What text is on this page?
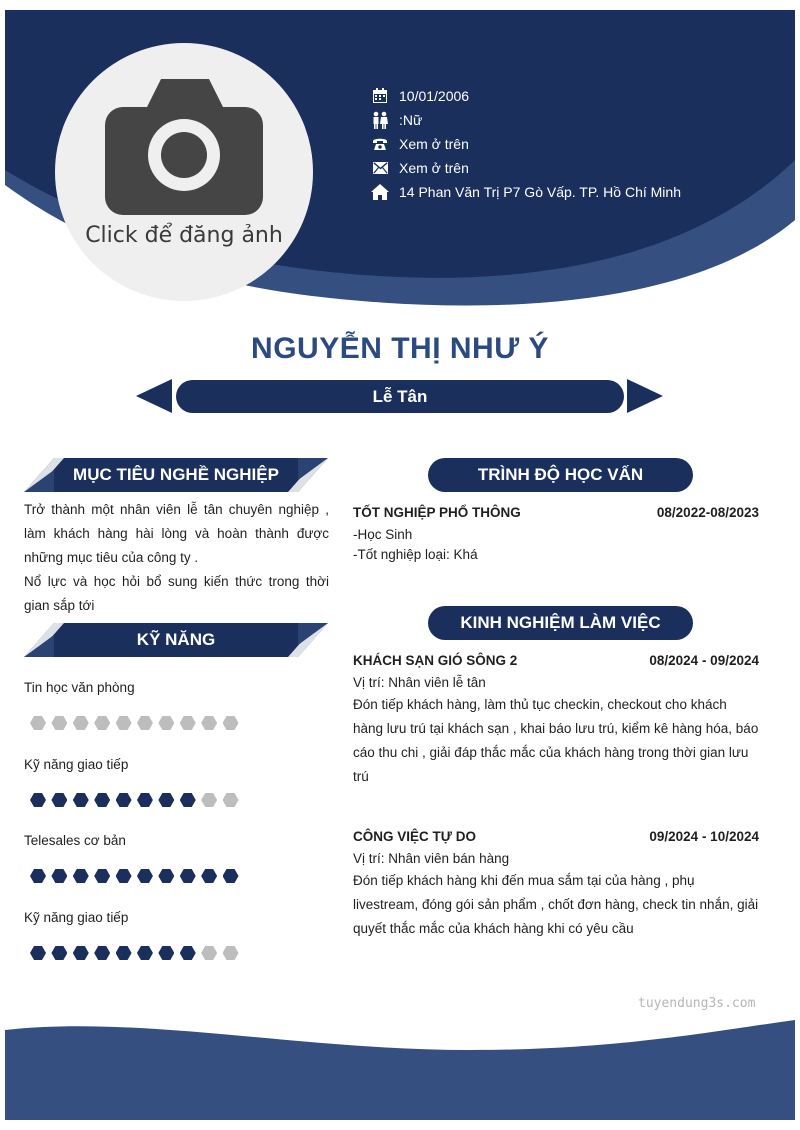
Click để đăng ảnh
10/01/2006
:Nữ
Xem ở trên
Xem ở trên
14 Phan Văn Trị P7 Gò Vấp. TP. Hồ Chí Minh
NGUYỄN THỊ NHƯ Ý
Lễ Tân
MỤC TIÊU NGHỀ NGHIỆP

Trở thành một nhân viên lễ tân chuyên nghiệp , làm khách hàng hài lòng và hoàn thành được những mục tiêu của công ty .

Nổ lực và học hỏi bổ sung kiến thức trong thời gian sắp tới

KỸ NĂNG
Tin học văn phòng
Kỹ năng giao tiếp
Telesales cơ bản
Kỹ năng giao tiếp
TRÌNH ĐỘ HỌC VẤN
TỐT NGHIỆP PHỔ THÔNG	08/2022-08/2023
-Học Sinh
-Tốt nghiệp loại: Khá
KINH NGHIỆM LÀM VIỆC
KHÁCH SẠN GIÓ SÔNG 2	08/2024 - 09/2024
Vị trí: Nhân viên lễ tân
Đón tiếp khách hàng, làm thủ tục checkin, checkout cho khách hàng lưu trú tại khách sạn , khai báo lưu trú, kiểm kê hàng hóa, báo cáo thu chi , giải đáp thắc mắc của khách hàng trong thời gian lưu trú
CÔNG VIỆC TỰ DO	09/2024 - 10/2024
Vị trí: Nhân viên bán hàng
Đón tiếp khách hàng khi đến mua sắm tại của hàng , phụ livestream, đóng gói sản phẩm , chốt đơn hàng, check tin nhắn, giải quyết thắc mắc của khách hàng khi có yêu cầu
tuyendung3s.com
